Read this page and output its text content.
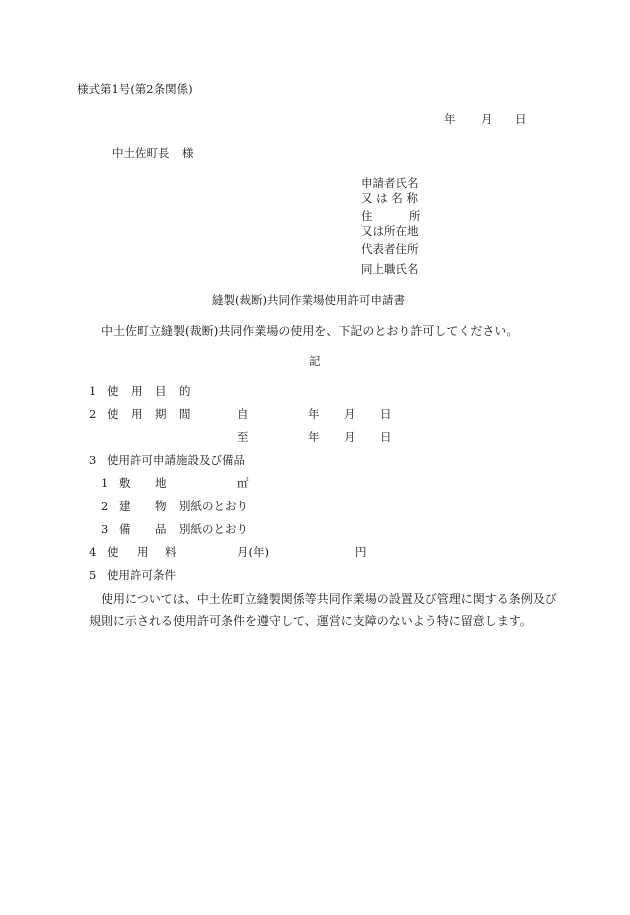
様式第1号(第2条関係)
年 月 日
中土佐町長 様
申請者氏名
又 は 名 称
住	所
又は所在地
代表者住所
同上職氏名
縫製(裁断)共同作業場使用許可申請書
中土佐町立縫製(裁断)共同作業場の使用を、下記のとおり許可してください。
記
1 使 用 目 的
2 使 用 期 間	自	年 月 日
至	年 月 日
3 使用許可申請施設及び備品
1 敷 地	㎡
2 建 物 別紙のとおり
3 備 品 別紙のとおり
4 使 用 料	月(年)	円
5 使用許可条件
使用については、中土佐町立縫製関係等共同作業場の設置及び管理に関する条例及び
規則に示される使用許可条件を遵守して、運営に支障のないよう特に留意します。
